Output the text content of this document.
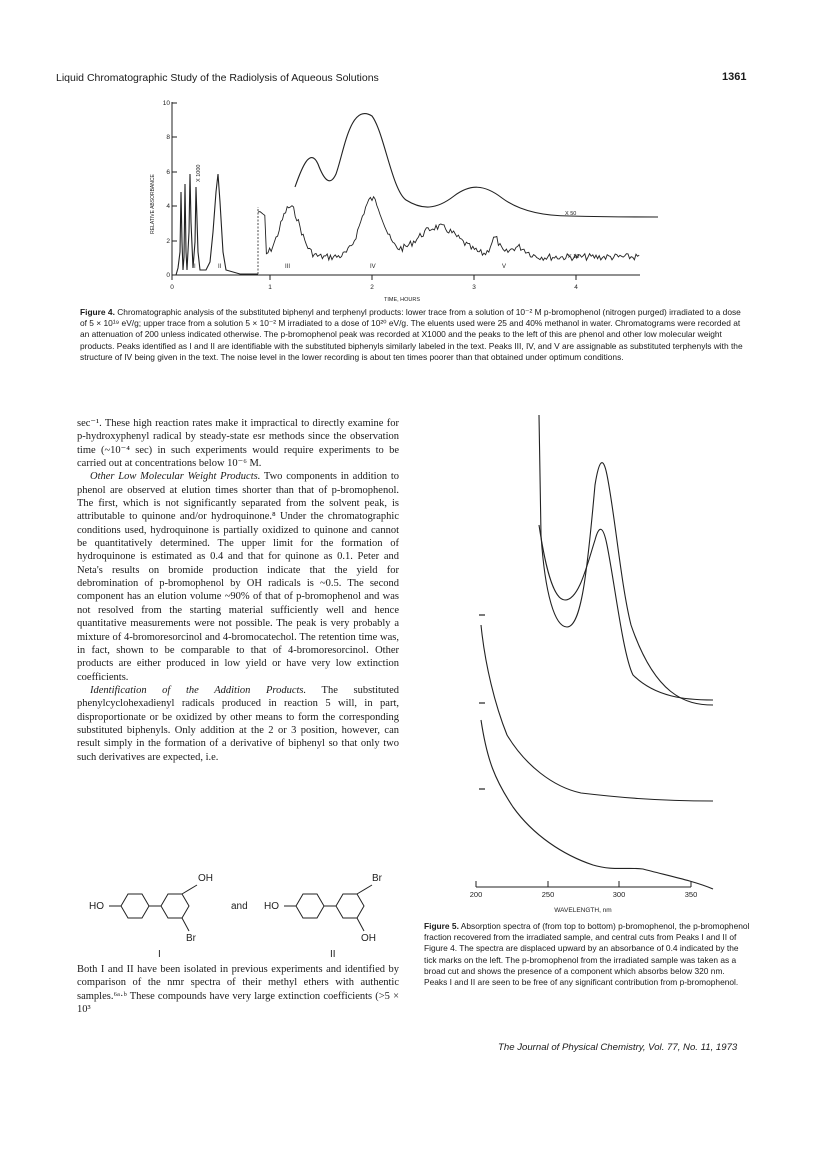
Liquid Chromatographic Study of the Radiolysis of Aqueous Solutions	1361
0
2
4
6
8
10
0	1	2	3	4
TIME, HOURS
RELATIVE ABSORBANCE
X 1000
X 50
X 10
I	II	III	IV	V
Figure 4. Chromatographic analysis of the substituted biphenyl and terphenyl products: lower trace from a solution of 10⁻² M p-bromophenol (nitrogen purged) irradiated to a dose of 5 × 10¹⁹ eV/g; upper trace from a solution 5 × 10⁻² M irradiated to a dose of 10²⁰ eV/g. The eluents used were 25 and 40% methanol in water. Chromatograms were recorded at an attenuation of 200 unless indicated otherwise. The p-bromophenol peak was recorded at X1000 and the peaks to the left of this are phenol and other low molecular weight products. Peaks identified as I and II are identifiable with the substituted biphenyls similarly labeled in the text. Peaks III, IV, and V are assignable as substituted terphenyls with the structure of IV being given in the text. The noise level in the lower recording is about ten times poorer than that obtained under optimum conditions.

sec⁻¹. These high reaction rates make it impractical to directly examine for p-hydroxyphenyl radical by steady-state esr methods since the observation time (~10⁻⁴ sec) in such experiments would require experiments to be carried out at concentrations below 10⁻⁶ M.

Other Low Molecular Weight Products. Two components in addition to phenol are observed at elution times shorter than that of p-bromophenol. The first, which is not significantly separated from the solvent peak, is attributable to quinone and/or hydroquinone.⁸ Under the chromatographic conditions used, hydroquinone is partially oxidized to quinone and cannot be quantitatively determined. The upper limit for the formation of hydroquinone is estimated as 0.4 and that for quinone as 0.1. Peter and Neta's results on bromide production indicate that the yield for debromination of p-bromophenol by OH radicals is ~0.5. The second component has an elution volume ~90% of that of p-bromophenol and was not resolved from the starting material sufficiently well and hence quantitative measurements were not possible. The peak is very probably a mixture of 4-bromoresorcinol and 4-bromocatechol. The retention time was, in fact, shown to be comparable to that of 4-bromoresorcinol. Other products are either produced in low yield or have very low extinction coefficients.

Identification of the Addition Products. The substituted phenylcyclohexadienyl radicals produced in reaction 5 will, in part, disproportionate or be oxidized by other means to form the corresponding substituted biphenyls. Only addition at the 2 or 3 position, however, can result simply in the formation of a derivative of biphenyl so that only two such derivatives are expected, i.e.

HO
OH
Br
I
and HO
Br
OH
II

Both I and II have been isolated in previous experiments and identified by comparison of the nmr spectra of their methyl ethers with authentic samples.⁶ᵃ·ᵇ These compounds have very large extinction coefficients (>5 × 10³

200	250	300	350
WAVELENGTH, nm
Figure 5. Absorption spectra of (from top to bottom) p-bromophenol, the p-bromophenol fraction recovered from the irradiated sample, and central cuts from Peaks I and II of Figure 4. The spectra are displaced upward by an absorbance of 0.4 indicated by the tick marks on the left. The p-bromophenol from the irradiated sample was taken as a broad cut and shows the presence of a component which absorbs below 320 nm. Peaks I and II are seen to be free of any significant contribution from p-bromophenol.
The Journal of Physical Chemistry, Vol. 77, No. 11, 1973
